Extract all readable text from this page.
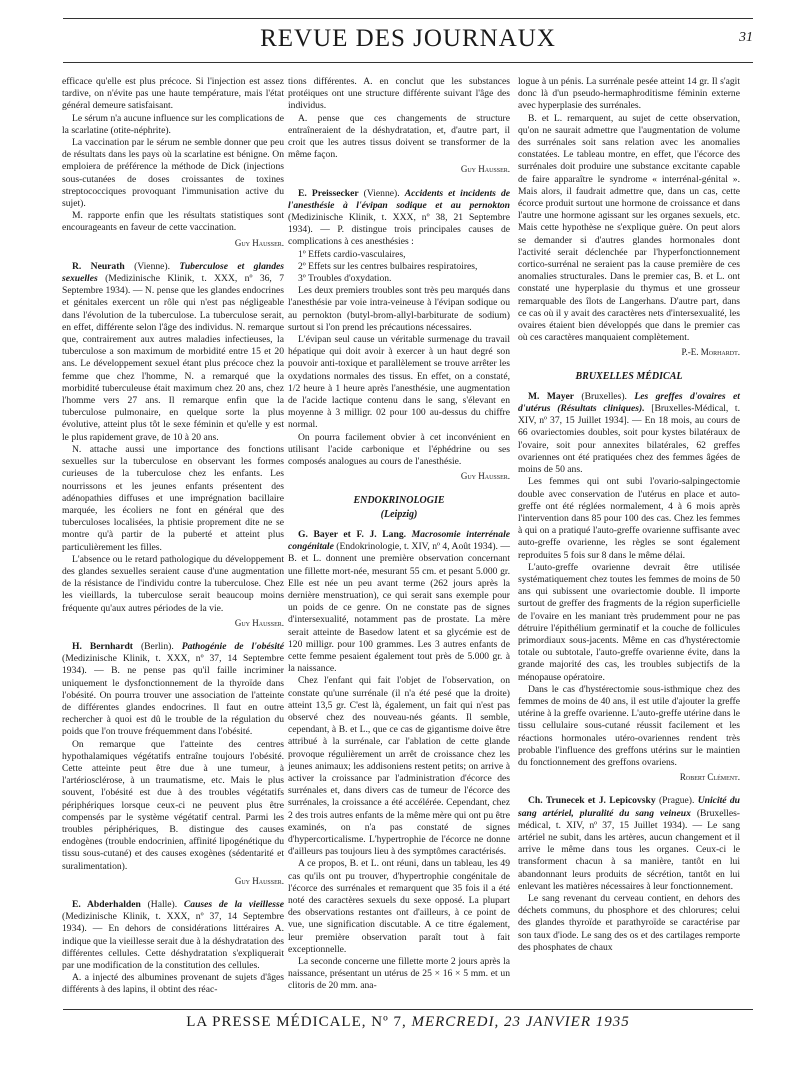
REVUE DES JOURNAUX	31

efficace qu'elle est plus précoce. Si l'injection est assez tardive, on n'évite pas une haute température, mais l'état général demeure satisfaisant.

Le sérum n'a aucune influence sur les complications de la scarlatine (otite-néphrite).

La vaccination par le sérum ne semble donner que peu de résultats dans les pays où la scarlatine est bénigne. On emploiera de préférence la méthode de Dick (injections sous-cutanées de doses croissantes de toxines streptococciques provoquant l'immunisation active du sujet).

M. rapporte enfin que les résultats statistiques sont encourageants en faveur de cette vaccination.

Guy Hausser.

R. Neurath (Vienne). Tuberculose et glandes sexuelles (Medizinische Klinik, t. XXX, nº 36, 7 Septembre 1934). — N. pense que les glandes endocrines et génitales exercent un rôle qui n'est pas négligeable dans l'évolution de la tuberculose. La tuberculose serait, en effet, différente selon l'âge des individus. N. remarque que, contrairement aux autres maladies infectieuses, la tuberculose a son maximum de morbidité entre 15 et 20 ans. Le développement sexuel étant plus précoce chez la femme que chez l'homme, N. a remarqué que la morbidité tuberculeuse était maximum chez 20 ans, chez l'homme vers 27 ans. Il remarque enfin que la tuberculose pulmonaire, en quelque sorte la plus évolutive, atteint plus tôt le sexe féminin et qu'elle y est le plus rapidement grave, de 10 à 20 ans.

N. attache aussi une importance des fonctions sexuelles sur la tuberculose en observant les formes curieuses de la tuberculose chez les enfants. Les nourrissons et les jeunes enfants présentent des adénopathies diffuses et une imprégnation bacillaire marquée, les écoliers ne font en général que des tuberculoses localisées, la phtisie proprement dite ne se montre qu'à partir de la puberté et atteint plus particulièrement les filles.

L'absence ou le retard pathologique du développement des glandes sexuelles seraient cause d'une augmentation de la résistance de l'individu contre la tuberculose. Chez les vieillards, la tuberculose serait beaucoup moins fréquente qu'aux autres périodes de la vie.

Guy Hausser.

H. Bernhardt (Berlin). Pathogénie de l'obésité (Medizinische Klinik, t. XXX, nº 37, 14 Septembre 1934). — B. ne pense pas qu'il faille incriminer uniquement le dysfonctionnement de la thyroïde dans l'obésité. On pourra trouver une association de l'atteinte de différentes glandes endocrines. Il faut en outre rechercher à quoi est dû le trouble de la régulation du poids que l'on trouve fréquemment dans l'obésité.

On remarque que l'atteinte des centres hypothalamiques végétatifs entraîne toujours l'obésité. Cette atteinte peut être due à une tumeur, à l'artériosclérose, à un traumatisme, etc. Mais le plus souvent, l'obésité est due à des troubles végétatifs périphériques lorsque ceux-ci ne peuvent plus être compensés par le système végétatif central. Parmi les troubles périphériques, B. distingue des causes endogènes (trouble endocrinien, affinité lipogénétique du tissu sous-cutané) et des causes exogènes (sédentarité et suralimentation).

Guy Hausser.

E. Abderhalden (Halle). Causes de la vieillesse (Medizinische Klinik, t. XXX, nº 37, 14 Septembre 1934). — En dehors de considérations littéraires A. indique que la vieillesse serait due à la déshydratation des différentes cellules. Cette déshydratation s'expliquerait par une modification de la constitution des cellules.

A. a injecté des albumines provenant de sujets d'âges différents à des lapins, il obtint des réac-

tions différentes. A. en conclut que les substances protéiques ont une structure différente suivant l'âge des individus.

A. pense que ces changements de structure entraîneraient de la déshydratation, et, d'autre part, il croit que les autres tissus doivent se transformer de la même façon.

Guy Hausser.

E. Preissecker (Vienne). Accidents et incidents de l'anesthésie à l'évipan sodique et au pernokton (Medizinische Klinik, t. XXX, nº 38, 21 Septembre 1934). — P. distingue trois principales causes de complications à ces anesthésies :

1º Effets cardio-vasculaires,

2º Effets sur les centres bulbaires respiratoires,

3º Troubles d'oxydation.

Les deux premiers troubles sont très peu marqués dans l'anesthésie par voie intra-veineuse à l'évipan sodique ou au pernokton (butyl-brom-allyl-barbiturate de sodium) surtout si l'on prend les précautions nécessaires.

L'évipan seul cause un véritable surmenage du travail hépatique qui doit avoir à exercer à un haut degré son pouvoir anti-toxique et parallèlement se trouve arrêter les oxydations normales des tissus. En effet, on a constaté, 1/2 heure à 1 heure après l'anesthésie, une augmentation de l'acide lactique contenu dans le sang, s'élevant en moyenne à 3 milligr. 02 pour 100 au-dessus du chiffre normal.

On pourra facilement obvier à cet inconvénient en utilisant l'acide carbonique et l'éphédrine ou ses composés analogues au cours de l'anesthésie.

Guy Hausser.
ENDOKRINOLOGIE
(Leipzig)

G. Bayer et F. J. Lang. Macrosomie interrénale congénitale (Endokrinologie, t. XIV, nº 4, Août 1934). — B. et L. donnent une première observation concernant une fillette mort-née, mesurant 55 cm. et pesant 5.000 gr. Elle est née un peu avant terme (262 jours après la dernière menstruation), ce qui serait sans exemple pour un poids de ce genre. On ne constate pas de signes d'intersexualité, notamment pas de prostate. La mère serait atteinte de Basedow latent et sa glycémie est de 120 milligr. pour 100 grammes. Les 3 autres enfants de cette femme pesaient également tout près de 5.000 gr. à la naissance.

Chez l'enfant qui fait l'objet de l'observation, on constate qu'une surrénale (il n'a été pesé que la droite) atteint 13,5 gr. C'est là, également, un fait qui n'est pas observé chez des nouveau-nés géants. Il semble, cependant, à B. et L., que ce cas de gigantisme doive être attribué à la surrénale, car l'ablation de cette glande provoque régulièrement un arrêt de croissance chez les jeunes animaux; les addisoniens restent petits; on arrive à activer la croissance par l'administration d'écorce des surrénales et, dans divers cas de tumeur de l'écorce des surrénales, la croissance a été accélérée. Cependant, chez 2 des trois autres enfants de la même mère qui ont pu être examinés, on n'a pas constaté de signes d'hypercorticalisme. L'hypertrophie de l'écorce ne donne d'ailleurs pas toujours lieu à des symptômes caractérisés.

A ce propos, B. et L. ont réuni, dans un tableau, les 49 cas qu'ils ont pu trouver, d'hypertrophie congénitale de l'écorce des surrénales et remarquent que 35 fois il a été noté des caractères sexuels du sexe opposé. La plupart des observations restantes ont d'ailleurs, à ce point de vue, une signification discutable. A ce titre également, leur première observation paraît tout à fait exceptionnelle.

La seconde concerne une fillette morte 2 jours après la naissance, présentant un utérus de 25 × 16 × 5 mm. et un clitoris de 20 mm. ana-

logue à un pénis. La surrénale pesée atteint 14 gr. Il s'agit donc là d'un pseudo-hermaphroditisme féminin externe avec hyperplasie des surrénales.

B. et L. remarquent, au sujet de cette observation, qu'on ne saurait admettre que l'augmentation de volume des surrénales soit sans relation avec les anomalies constatées. Le tableau montre, en effet, que l'écorce des surrénales doit produire une substance excitante capable de faire apparaître le syndrome « interrénal-génital ». Mais alors, il faudrait admettre que, dans un cas, cette écorce produit surtout une hormone de croissance et dans l'autre une hormone agissant sur les organes sexuels, etc. Mais cette hypothèse ne s'explique guère. On peut alors se demander si d'autres glandes hormonales dont l'activité serait déclenchée par l'hyperfonctionnement cortico-surrénal ne seraient pas la cause première de ces anomalies structurales. Dans le premier cas, B. et L. ont constaté une hyperplasie du thymus et une grosseur remarquable des îlots de Langerhans. D'autre part, dans ce cas où il y avait des caractères nets d'intersexualité, les ovaires étaient bien développés que dans le premier cas où ces caractères manquaient complètement.

P.-E. Morhardt.
BRUXELLES MÉDICAL

M. Mayer (Bruxelles). Les greffes d'ovaires et d'utérus (Résultats cliniques). [Bruxelles-Médical, t. XIV, nº 37, 15 Juillet 1934]. — En 18 mois, au cours de 66 ovariectomies doubles, soit pour kystes bilatéraux de l'ovaire, soit pour annexites bilatérales, 62 greffes ovariennes ont été pratiquées chez des femmes âgées de moins de 50 ans.

Les femmes qui ont subi l'ovario-salpingectomie double avec conservation de l'utérus en place et auto-greffe ont été réglées normalement, 4 à 6 mois après l'intervention dans 85 pour 100 des cas. Chez les femmes à qui on a pratiqué l'auto-greffe ovarienne suffisante avec auto-greffe ovarienne, les règles se sont également reproduites 5 fois sur 8 dans le même délai.

L'auto-greffe ovarienne devrait être utilisée systématiquement chez toutes les femmes de moins de 50 ans qui subissent une ovariectomie double. Il importe surtout de greffer des fragments de la région superficielle de l'ovaire en les maniant très prudemment pour ne pas détruire l'épithélium germinatif et la couche de follicules primordiaux sous-jacents. Même en cas d'hystérectomie totale ou subtotale, l'auto-greffe ovarienne évite, dans la grande majorité des cas, les troubles subjectifs de la ménopause opératoire.

Dans le cas d'hystérectomie sous-isthmique chez des femmes de moins de 40 ans, il est utile d'ajouter la greffe utérine à la greffe ovarienne. L'auto-greffe utérine dans le tissu cellulaire sous-cutané réussit facilement et les réactions hormonales utéro-ovariennes rendent très probable l'influence des greffons utérins sur le maintien du fonctionnement des greffons ovariens.

Robert Clément.

Ch. Trunecek et J. Lepicovsky (Prague). Unicité du sang artériel, pluralité du sang veineux (Bruxelles-médical, t. XIV, nº 37, 15 Juillet 1934). — Le sang artériel ne subit, dans les artères, aucun changement et il arrive le même dans tous les organes. Ceux-ci le transforment chacun à sa manière, tantôt en lui abandonnant leurs produits de sécrétion, tantôt en lui enlevant les matières nécessaires à leur fonctionnement.

Le sang revenant du cerveau contient, en dehors des déchets communs, du phosphore et des chlorures; celui des glandes thyroïde et parathyroïde se caractérise par son taux d'iode. Le sang des os et des cartilages remporte des phosphates de chaux

LA PRESSE MÉDICALE, Nº 7, MERCREDI, 23 JANVIER 1935
